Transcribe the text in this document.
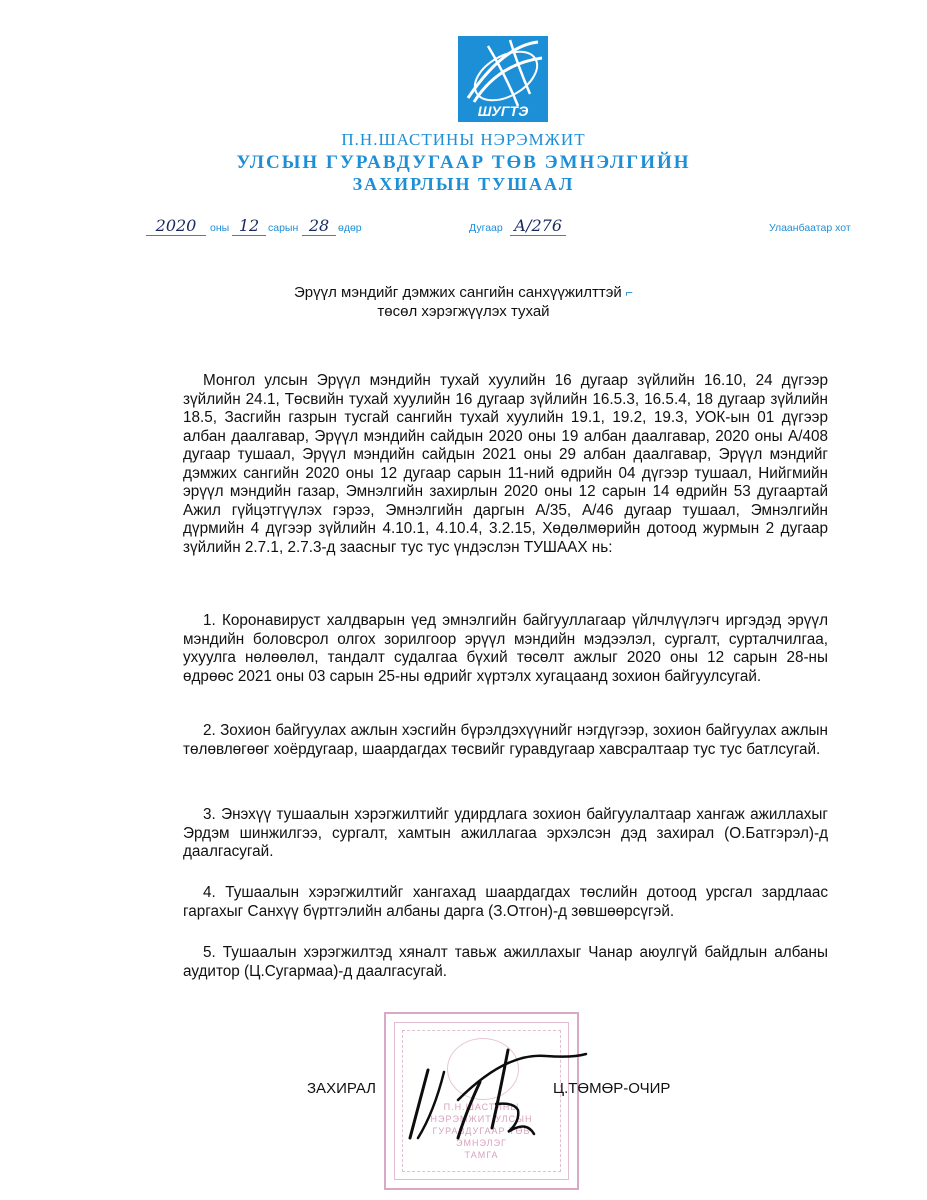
ШУГТЭ
П.Н.ШАСТИНЫ НЭРЭМЖИТ
УЛСЫН ГУРАВДУГААР ТӨВ ЭМНЭЛГИЙН
ЗАХИРЛЫН ТУШААЛ
2020	оны 12 сарын 28 өдөр	Дугаар А/276	Улаанбаатар хот
Эрүүл мэндийг дэмжих сангийн санхүүжилттэй ⌐
төсөл хэрэгжүүлэх тухай
Монгол улсын Эрүүл мэндийн тухай хуулийн 16 дугаар зүйлийн 16.10, 24 дүгээр зүйлийн 24.1, Төсвийн тухай хуулийн 16 дугаар зүйлийн 16.5.3, 16.5.4, 18 дугаар зүйлийн 18.5, Засгийн газрын тусгай сангийн тухай хуулийн 19.1, 19.2, 19.3, УОК-ын 01 дүгээр албан даалгавар, Эрүүл мэндийн сайдын 2020 оны 19 албан даалгавар, 2020 оны А/408 дугаар тушаал, Эрүүл мэндийн сайдын 2021 оны 29 албан даалгавар, Эрүүл мэндийг дэмжих сангийн 2020 оны 12 дугаар сарын 11-ний өдрийн 04 дүгээр тушаал, Нийгмийн эрүүл мэндийн газар, Эмнэлгийн захирлын 2020 оны 12 сарын 14 өдрийн 53 дугаартай Ажил гүйцэтгүүлэх гэрээ, Эмнэлгийн даргын А/35, А/46 дугаар тушаал, Эмнэлгийн дүрмийн 4 дүгээр зүйлийн 4.10.1, 4.10.4, 3.2.15, Хөдөлмөрийн дотоод журмын 2 дугаар зүйлийн 2.7.1, 2.7.3-д заасныг тус тус үндэслэн ТУШААХ нь:
1. Коронавируст халдварын үед эмнэлгийн байгууллагаар үйлчлүүлэгч иргэдэд эрүүл мэндийн боловсрол олгох зорилгоор эрүүл мэндийн мэдээлэл, сургалт, сурталчилгаа, ухуулга нөлөөлөл, тандалт судалгаа бүхий төсөлт ажлыг 2020 оны 12 сарын 28-ны өдрөөс 2021 оны 03 сарын 25-ны өдрийг хүртэлх хугацаанд зохион байгуулсугай.
2. Зохион байгуулах ажлын хэсгийн бүрэлдэхүүнийг нэгдүгээр, зохион байгуулах ажлын төлөвлөгөөг хоёрдугаар, шаардагдах төсвийг гуравдугаар хавсралтаар тус тус батлсугай.
3. Энэхүү тушаалын хэрэгжилтийг удирдлага зохион байгуулалтаар хангаж ажиллахыг Эрдэм шинжилгээ, сургалт, хамтын ажиллагаа эрхэлсэн дэд захирал (О.Батгэрэл)-д даалгасугай.
4. Тушаалын хэрэгжилтийг хангахад шаардагдах төслийн дотоод урсгал зардлаас гаргахыг Санхүү бүртгэлийн албаны дарга (З.Отгон)-д зөвшөөрсүгэй.
5. Тушаалын хэрэгжилтэд хяналт тавьж ажиллахыг Чанар аюулгүй байдлын албаны аудитор (Ц.Сугармаа)-д даалгасугай.
П.Н.ШАСТИНЫ
НЭРЭМЖИТ УЛСЫН
ГУРАВДУГААР ТӨВ
ЭМНЭЛЭГ
ТАМГА
ЗАХИРАЛ	Ц.ТӨМӨР-ОЧИР
